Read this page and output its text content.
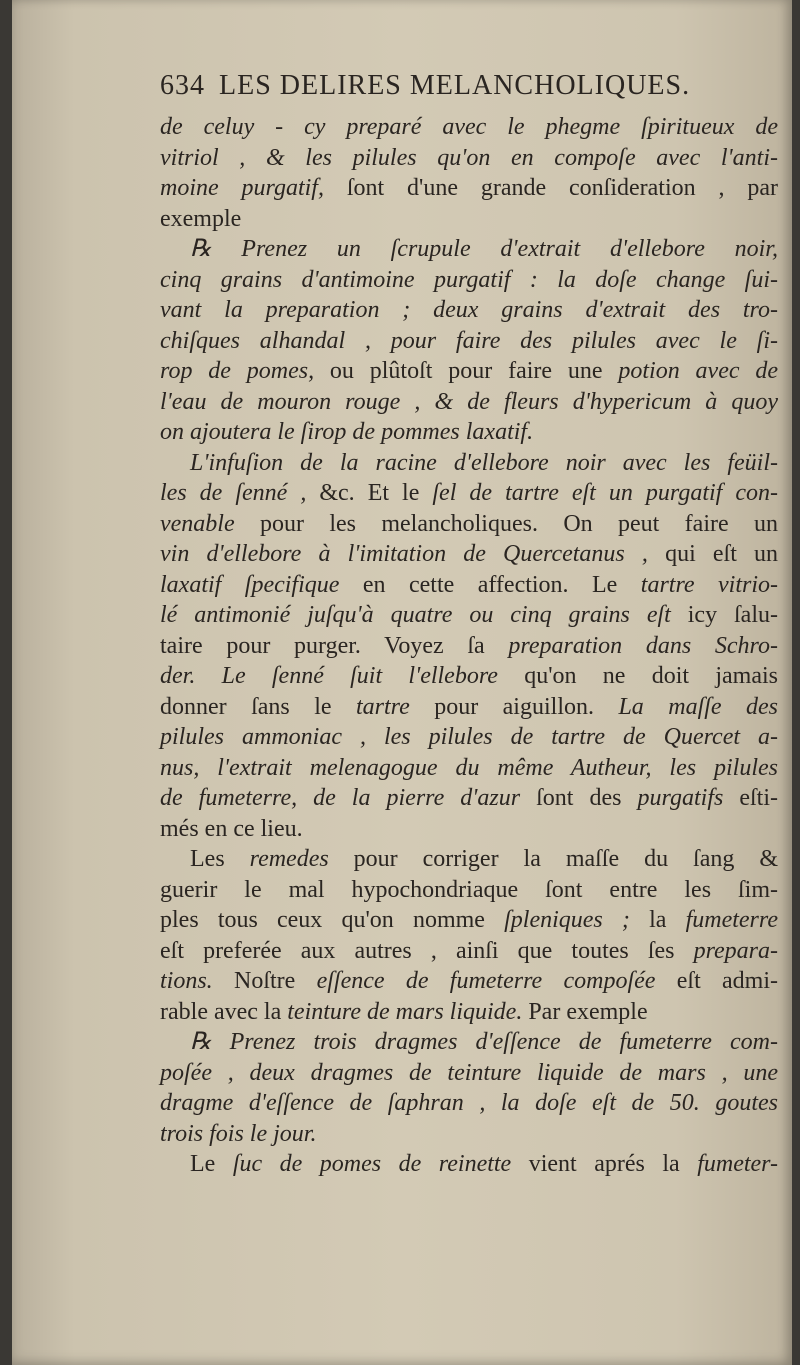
634 LES DELIRES MELANCHOLIQUES.
de celuy - cy preparé avec le phegme ſpiritueux de
vitriol , & les pilules qu'on en compoſe avec l'anti-
moine purgatif, ſont d'une grande conſideration , par
exemple
℞ Prenez un ſcrupule d'extrait d'ellebore noir,
cinq grains d'antimoine purgatif : la doſe change ſui-
vant la preparation ; deux grains d'extrait des tro-
chiſques alhandal , pour faire des pilules avec le ſi-
rop de pomes, ou plûtoſt pour faire une potion avec de
l'eau de mouron rouge , & de fleurs d'hypericum à quoy
on ajoutera le ſirop de pommes laxatif.
L'infuſion de la racine d'ellebore noir avec les feüil-
les de ſenné , &c. Et le ſel de tartre eſt un purgatif con-
venable pour les melancholiques. On peut faire un
vin d'ellebore à l'imitation de Quercetanus , qui eſt un
laxatif ſpecifique en cette affection. Le tartre vitrio-
lé antimonié juſqu'à quatre ou cinq grains eſt icy ſalu-
taire pour purger. Voyez ſa preparation dans Schro-
der. Le ſenné ſuit l'ellebore qu'on ne doit jamais
donner ſans le tartre pour aiguillon. La maſſe des
pilules ammoniac , les pilules de tartre de Quercet a-
nus, l'extrait melenagogue du même Autheur, les pilules
de fumeterre, de la pierre d'azur ſont des purgatifs eſti-
més en ce lieu.
Les remedes pour corriger la maſſe du ſang &
guerir le mal hypochondriaque ſont entre les ſim-
ples tous ceux qu'on nomme ſpleniques ; la fumeterre
eſt preferée aux autres , ainſi que toutes ſes prepara-
tions. Noſtre eſſence de fumeterre compoſée eſt admi-
rable avec la teinture de mars liquide. Par exemple
℞ Prenez trois dragmes d'eſſence de fumeterre com-
poſée , deux dragmes de teinture liquide de mars , une
dragme d'eſſence de ſaphran , la doſe eſt de 50. goutes
trois fois le jour.
Le ſuc de pomes de reinette vient aprés la fumeter-
